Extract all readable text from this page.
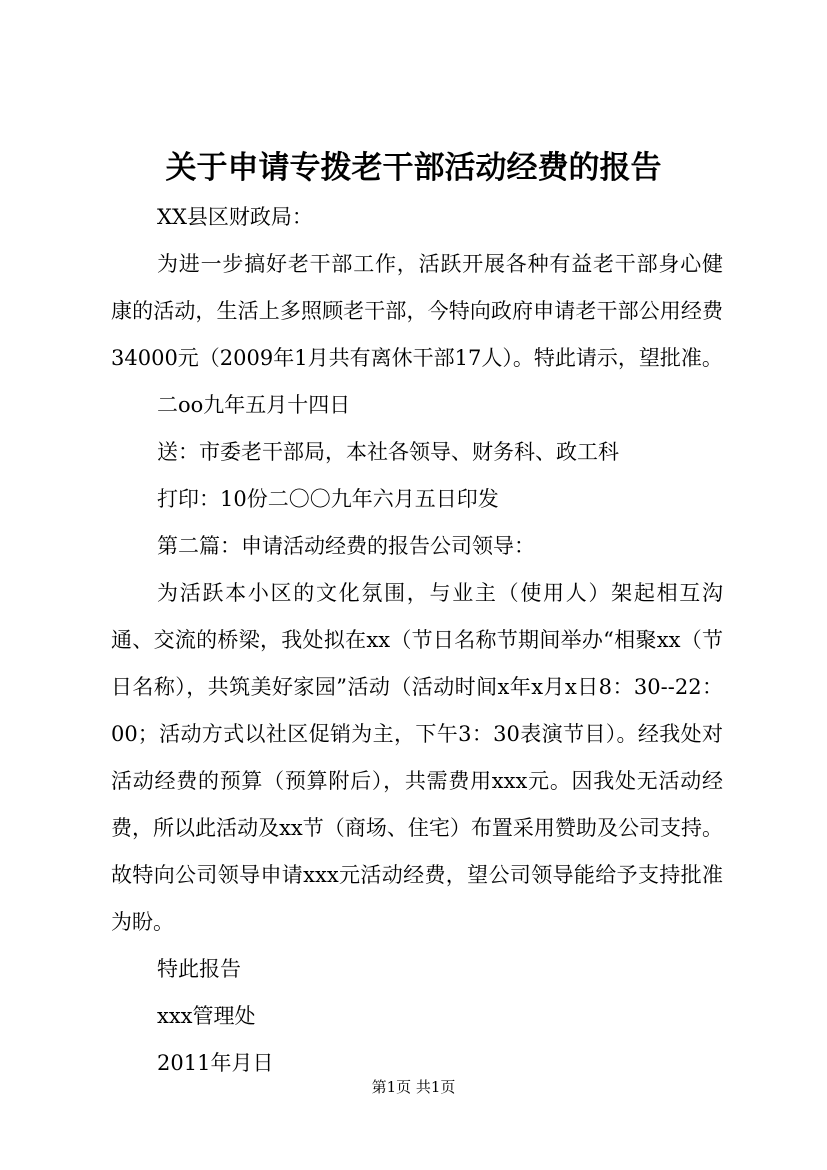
关于申请专拨老干部活动经费的报告

XX县区财政局：

为进一步搞好老干部工作，活跃开展各种有益老干部身心健康的活动，生活上多照顾老干部，今特向政府申请老干部公用经费34000元（2009年1月共有离休干部17人）。特此请示，望批准。

二oo九年五月十四日

送：市委老干部局，本社各领导、财务科、政工科

打印：10份二〇〇九年六月五日印发

第二篇：申请活动经费的报告公司领导：

为活跃本小区的文化氛围，与业主（使用人）架起相互沟通、交流的桥梁，我处拟在xx（节日名称节期间举办“相聚xx（节日名称），共筑美好家园”活动（活动时间x年x月x日8：30--22：00；活动方式以社区促销为主，下午3：30表演节目）。经我处对活动经费的预算（预算附后），共需费用xxx元。因我处无活动经费，所以此活动及xx节（商场、住宅）布置采用赞助及公司支持。故特向公司领导申请xxx元活动经费，望公司领导能给予支持批准为盼。

特此报告

xxx管理处

2011年月日

第1页 共1页
